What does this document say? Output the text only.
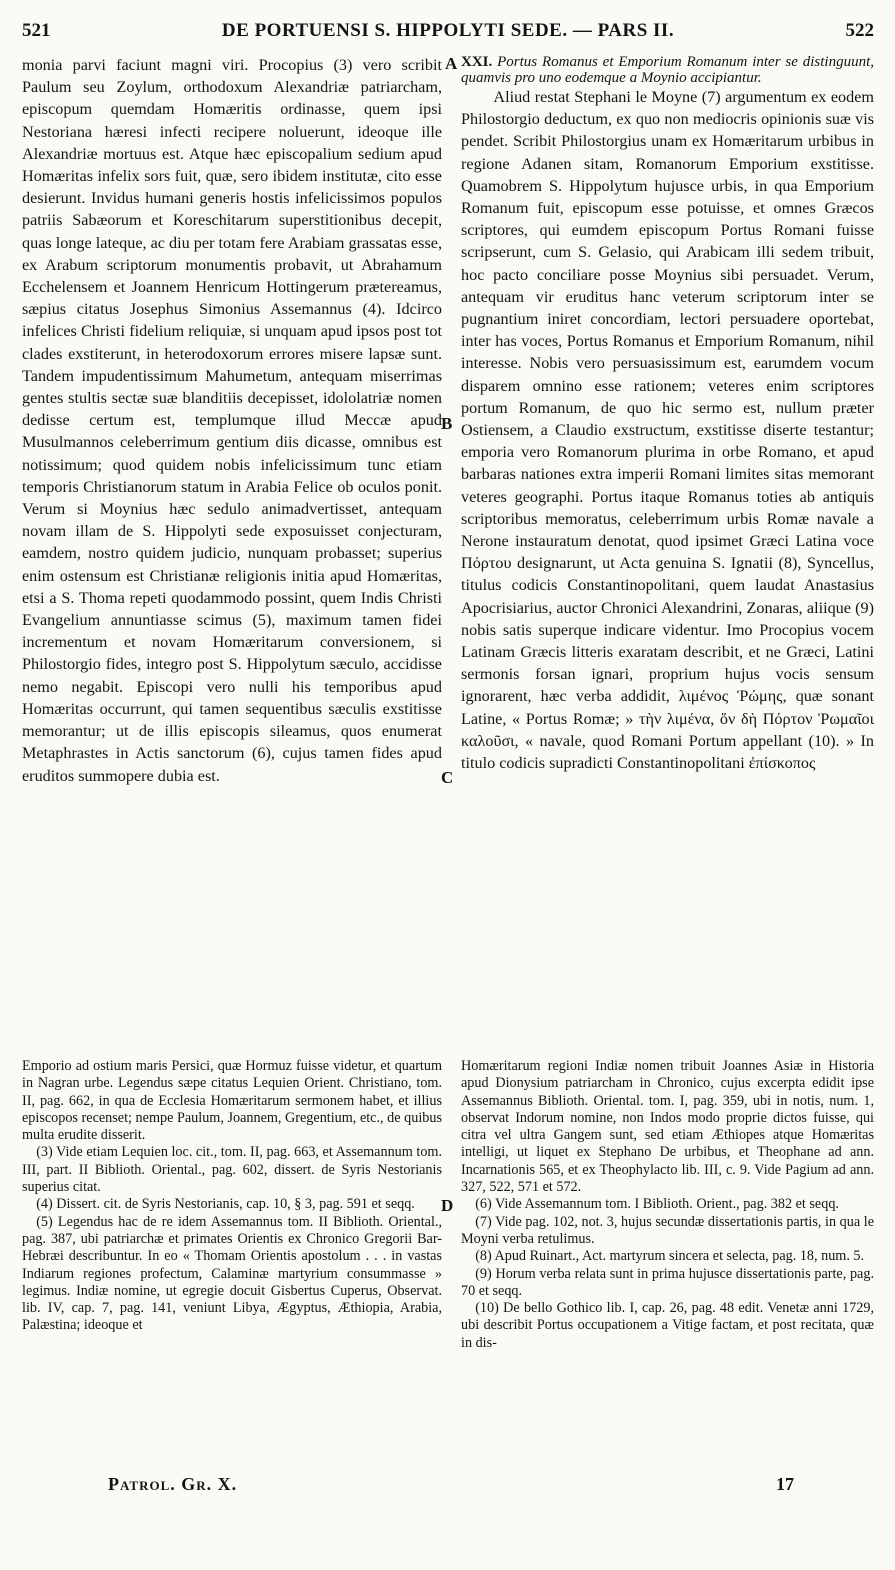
521	DE PORTUENSI S. HIPPOLYTI SEDE. — PARS II.	522
A
B
C
D

monia parvi faciunt magni viri. Procopius (3) vero scribit Paulum seu Zoylum, orthodoxum Alexandriæ patriarcham, episcopum quemdam Homæritis ordinasse, quem ipsi Nestoriana hæresi infecti recipere noluerunt, ideoque ille Alexandriæ mortuus est. Atque hæc episcopalium sedium apud Homæritas infelix sors fuit, quæ, sero ibidem institutæ, cito esse desierunt. Invidus humani generis hostis infelicissimos populos patriis Sabæorum et Koreschitarum superstitionibus decepit, quas longe lateque, ac diu per totam fere Arabiam grassatas esse, ex Arabum scriptorum monumentis probavit, ut Abrahamum Ecchelensem et Joannem Henricum Hottingerum prætereamus, sæpius citatus Josephus Simonius Assemannus (4). Idcirco infelices Christi fidelium reliquiæ, si unquam apud ipsos post tot clades exstiterunt, in heterodoxorum errores misere lapsæ sunt. Tandem impudentissimum Mahumetum, antequam miserrimas gentes stultis sectæ suæ blanditiis decepisset, idololatriæ nomen dedisse certum est, templumque illud Meccæ apud Musulmannos celeberrimum gentium diis dicasse, omnibus est notissimum; quod quidem nobis infelicissimum tunc etiam temporis Christianorum statum in Arabia Felice ob oculos ponit. Verum si Moynius hæc sedulo animadvertisset, antequam novam illam de S. Hippolyti sede exposuisset conjecturam, eamdem, nostro quidem judicio, nunquam probasset; superius enim ostensum est Christianæ religionis initia apud Homæritas, etsi a S. Thoma repeti quodammodo possint, quem Indis Christi Evangelium annuntiasse scimus (5), maximum tamen fidei incrementum et novam Homæritarum conversionem, si Philostorgio fides, integro post S. Hippolytum sæculo, accidisse nemo negabit. Episcopi vero nulli his temporibus apud Homæritas occurrunt, qui tamen sequentibus sæculis exstitisse memorantur; ut de illis episcopis sileamus, quos enumerat Metaphrastes in Actis sanctorum (6), cujus tamen fides apud eruditos summopere dubia est.

XXI. Portus Romanus et Emporium Romanum inter se distinguunt, quamvis pro uno eodemque a Moynio accipiantur.

Aliud restat Stephani le Moyne (7) argumentum ex eodem Philostorgio deductum, ex quo non mediocris opinionis suæ vis pendet. Scribit Philostorgius unam ex Homæritarum urbibus in regione Adanen sitam, Romanorum Emporium exstitisse. Quamobrem S. Hippolytum hujusce urbis, in qua Emporium Romanum fuit, episcopum esse potuisse, et omnes Græcos scriptores, qui eumdem episcopum Portus Romani fuisse scripserunt, cum S. Gelasio, qui Arabicam illi sedem tribuit, hoc pacto conciliare posse Moynius sibi persuadet. Verum, antequam vir eruditus hanc veterum scriptorum inter se pugnantium iniret concordiam, lectori persuadere oportebat, inter has voces, Portus Romanus et Emporium Romanum, nihil interesse. Nobis vero persuasissimum est, earumdem vocum disparem omnino esse rationem; veteres enim scriptores portum Romanum, de quo hic sermo est, nullum præter Ostiensem, a Claudio exstructum, exstitisse diserte testantur; emporia vero Romanorum plurima in orbe Romano, et apud barbaras nationes extra imperii Romani limites sitas memorant veteres geographi. Portus itaque Romanus toties ab antiquis scriptoribus memoratus, celeberrimum urbis Romæ navale a Nerone instauratum denotat, quod ipsimet Græci Latina voce Πόρτου designarunt, ut Acta genuina S. Ignatii (8), Syncellus, titulus codicis Constantinopolitani, quem laudat Anastasius Apocrisiarius, auctor Chronici Alexandrini, Zonaras, aliique (9) nobis satis superque indicare videntur. Imo Procopius vocem Latinam Græcis litteris exaratam describit, et ne Græci, Latini sermonis forsan ignari, proprium hujus vocis sensum ignorarent, hæc verba addidit, λιμένος Ῥώμης, quæ sonant Latine, « Portus Romæ; » τὴν λιμένα, ὅν δὴ Πόρτον Ῥωμαῖοι καλοῦσι, « navale, quod Romani Portum appellant (10). » In titulo codicis supradicti Constantinopolitani ἐπίσκοπος

Emporio ad ostium maris Persici, quæ Hormuz fuisse videtur, et quartum in Nagran urbe. Legendus sæpe citatus Lequien Orient. Christiano, tom. II, pag. 662, in qua de Ecclesia Homæritarum sermonem habet, et illius episcopos recenset; nempe Paulum, Joannem, Gregentium, etc., de quibus multa erudite disserit.

(3) Vide etiam Lequien loc. cit., tom. II, pag. 663, et Assemannum tom. III, part. II Biblioth. Oriental., pag. 602, dissert. de Syris Nestorianis superius citat.

(4) Dissert. cit. de Syris Nestorianis, cap. 10, § 3, pag. 591 et seqq.

(5) Legendus hac de re idem Assemannus tom. II Biblioth. Oriental., pag. 387, ubi patriarchæ et primates Orientis ex Chronico Gregorii Bar-Hebræi describuntur. In eo « Thomam Orientis apostolum . . . in vastas Indiarum regiones profectum, Calaminæ martyrium consummasse » legimus. Indiæ nomine, ut egregie docuit Gisbertus Cuperus, Observat. lib. IV, cap. 7, pag. 141, veniunt Libya, Ægyptus, Æthiopia, Arabia, Palæstina; ideoque et

Homæritarum regioni Indiæ nomen tribuit Joannes Asiæ in Historia apud Dionysium patriarcham in Chronico, cujus excerpta edidit ipse Assemannus Biblioth. Oriental. tom. I, pag. 359, ubi in notis, num. 1, observat Indorum nomine, non Indos modo proprie dictos fuisse, qui citra vel ultra Gangem sunt, sed etiam Æthiopes atque Homæritas intelligi, ut liquet ex Stephano De urbibus, et Theophane ad ann. Incarnationis 565, et ex Theophylacto lib. III, c. 9. Vide Pagium ad ann. 327, 522, 571 et 572.

(6) Vide Assemannum tom. I Biblioth. Orient., pag. 382 et seqq.

(7) Vide pag. 102, not. 3, hujus secundæ dissertationis partis, in qua le Moyni verba retulimus.

(8) Apud Ruinart., Act. martyrum sincera et selecta, pag. 18, num. 5.

(9) Horum verba relata sunt in prima hujusce dissertationis parte, pag. 70 et seqq.

(10) De bello Gothico lib. I, cap. 26, pag. 48 edit. Venetæ anni 1729, ubi describit Portus occupationem a Vitige factam, et post recitata, quæ in dis-

Patrol. Gr. X.	17
